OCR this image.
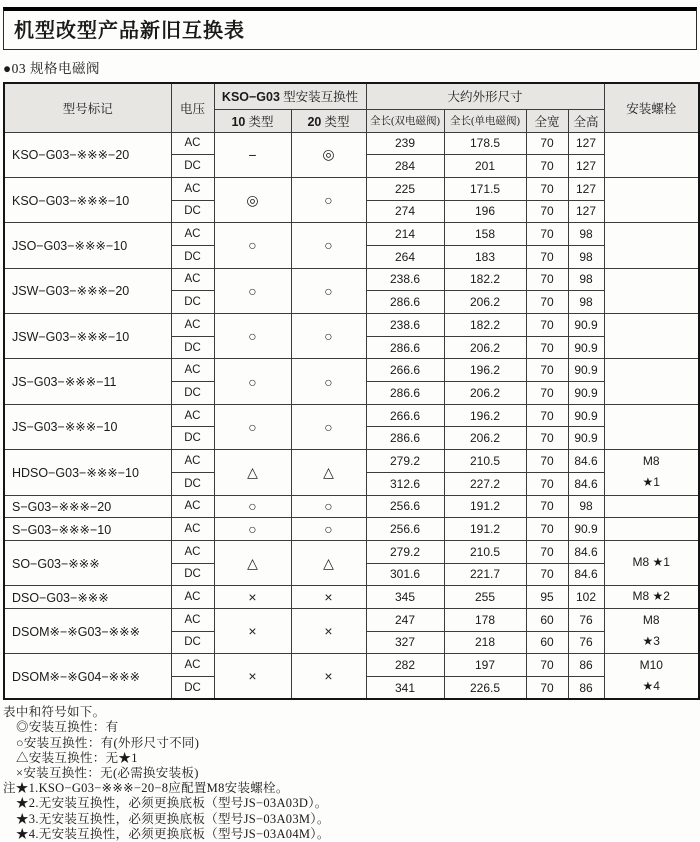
机型改型产品新旧互换表
●03 规格电磁阀
型号标记	电压	KSO−G03 型安装互换性		大约外形尺寸				安装螺栓
		10 类型	20 类型	全长(双电磁阀)	全长(单电磁阀)	全宽	全高	
KSO−G03−※※※−20	AC	−	◎	239	178.5	70	127	

	DC			284	201	70	127	
KSO−G03−※※※−10	AC	◎	○	225	171.5	70	127	

	DC			274	196	70	127	
JSO−G03−※※※−10	AC	○	○	214	158	70	98	

	DC			264	183	70	98	
JSW−G03−※※※−20	AC	○	○	238.6	182.2	70	98	

	DC			286.6	206.2	70	98	
JSW−G03−※※※−10	AC	○	○	238.6	182.2	70	90.9	

	DC			286.6	206.2	70	90.9	
JS−G03−※※※−11	AC	○	○	266.6	196.2	70	90.9	

	DC			286.6	206.2	70	90.9	
JS−G03−※※※−10	AC	○	○	266.6	196.2	70	90.9	

	DC			286.6	206.2	70	90.9	
HDSO−G03−※※※−10	AC	△	△	279.2	210.5	70	84.6	M8
★1

	DC			312.6	227.2	70	84.6	
S−G03−※※※−20	AC	○	○	256.6	191.2	70	98	

S−G03−※※※−10	AC	○	○	256.6	191.2	70	90.9	

SO−G03−※※※	AC	△	△	279.2	210.5	70	84.6	M8 ★1

	DC			301.6	221.7	70	84.6	
DSO−G03−※※※	AC	×	×	345	255	95	102	M8 ★2

DSOM※−※G03−※※※	AC	×	×	247	178	60	76	M8
★3

	DC			327	218	60	76	
DSOM※−※G04−※※※	AC	×	×	282	197	70	86	M10
★4

	DC			341	226.5	70	86	
表中和符号如下。
◎安装互换性：有
○安装互换性：有(外形尺寸不同)
△安装互换性：无★1
×安装互换性：无(必需换安装板)
注★1.KSO−G03−※※※−20−8应配置M8安装螺栓。
★2.无安装互换性，必须更换底板（型号JS−03A03D）。
★3.无安装互换性，必须更换底板（型号JS−03A03M）。
★4.无安装互换性，必须更换底板（型号JS−03A04M）。
